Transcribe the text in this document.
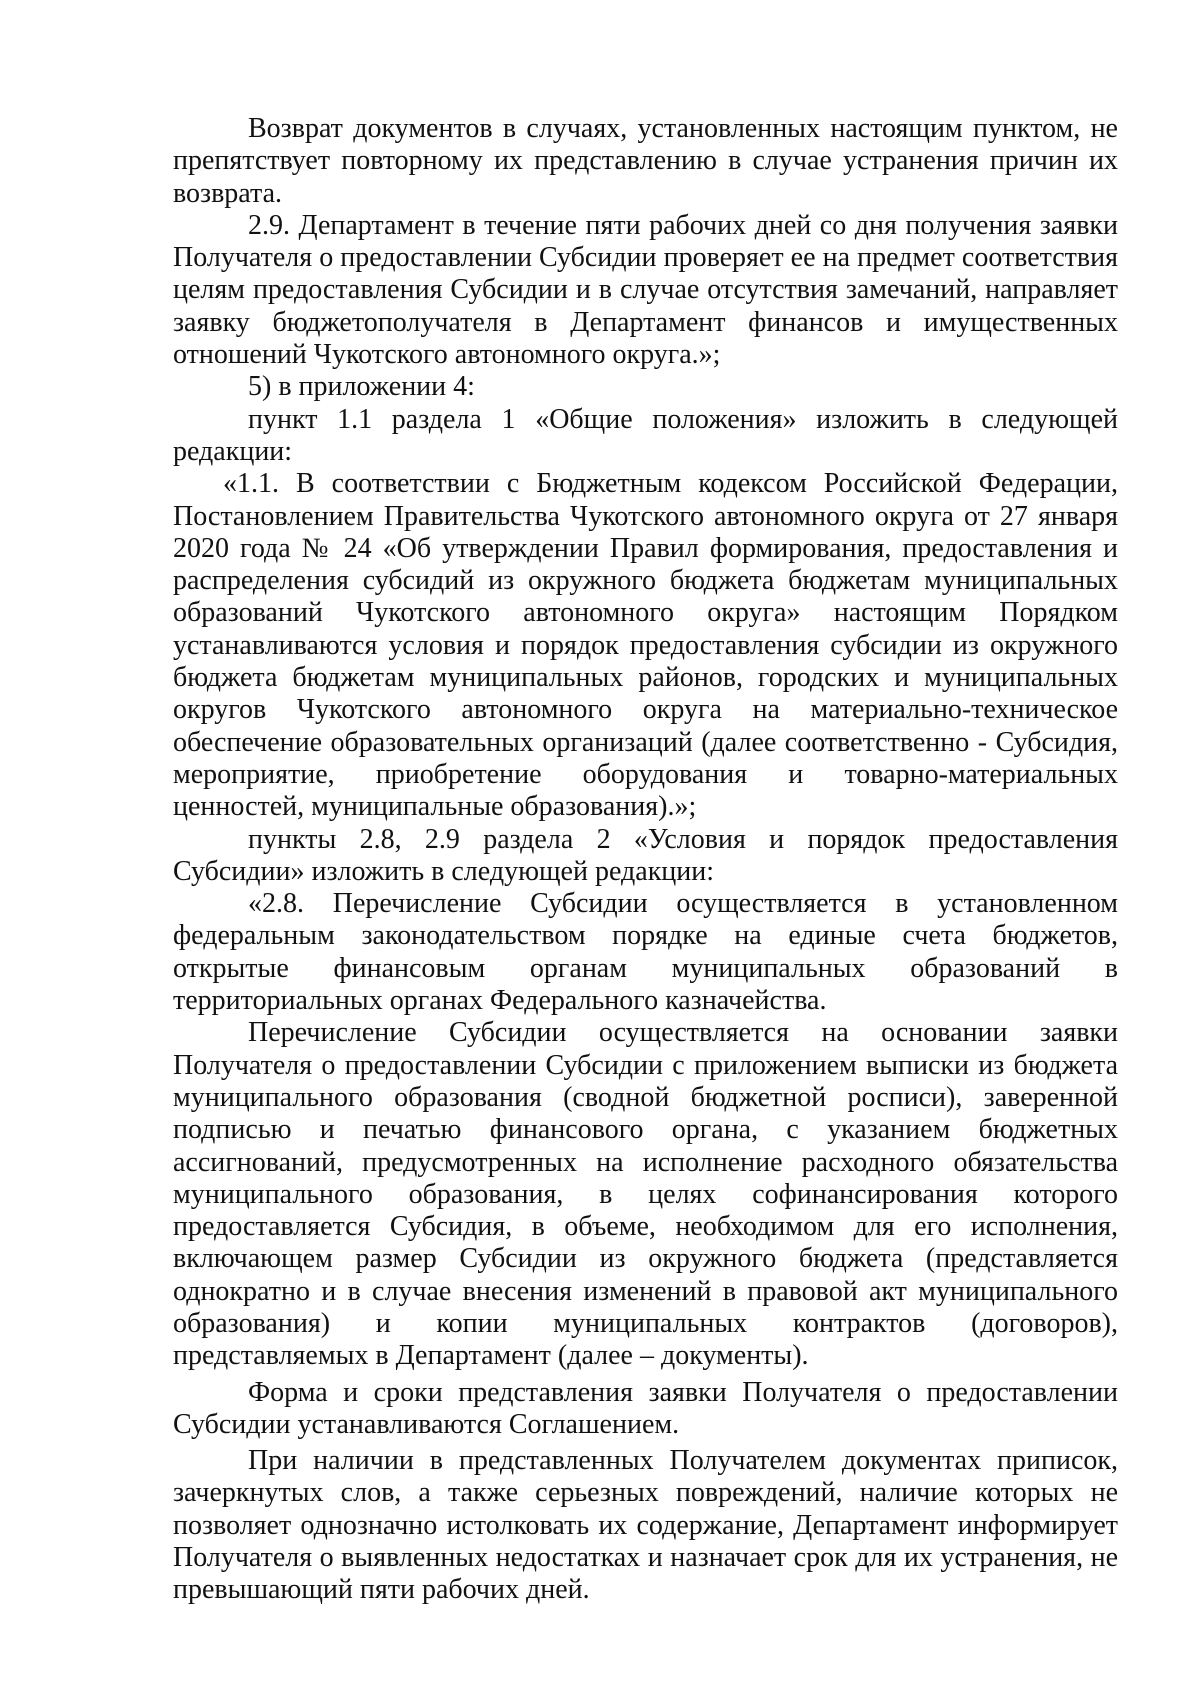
Возврат документов в случаях, установленных настоящим пунктом, не препятствует повторному их представлению в случае устранения причин их возврата.

2.9. Департамент в течение пяти рабочих дней со дня получения заявки Получателя о предоставлении Субсидии проверяет ее на предмет соответствия целям предоставления Субсидии и в случае отсутствия замечаний, направляет заявку бюджетополучателя в Департамент финансов и имущественных отношений Чукотского автономного округа.»;

5) в приложении 4:

пункт 1.1 раздела 1 «Общие положения» изложить в следующей редакции:

«1.1. В соответствии с Бюджетным кодексом Российской Федерации, Постановлением Правительства Чукотского автономного округа от 27 января 2020 года № 24 «Об утверждении Правил формирования, предоставления и распределения субсидий из окружного бюджета бюджетам муниципальных образований Чукотского автономного округа» настоящим Порядком устанавливаются условия и порядок предоставления субсидии из окружного бюджета бюджетам муниципальных районов, городских и муниципальных округов Чукотского автономного округа на материально-техническое обеспечение образовательных организаций (далее соответственно - Субсидия, мероприятие, приобретение оборудования и товарно-материальных ценностей, муниципальные образования).»;

пункты 2.8, 2.9 раздела 2 «Условия и порядок предоставления Субсидии» изложить в следующей редакции:

«2.8. Перечисление Субсидии осуществляется в установленном федеральным законодательством порядке на единые счета бюджетов, открытые финансовым органам муниципальных образований в территориальных органах Федерального казначейства.

Перечисление Субсидии осуществляется на основании заявки Получателя о предоставлении Субсидии с приложением выписки из бюджета муниципального образования (сводной бюджетной росписи), заверенной подписью и печатью финансового органа, с указанием бюджетных ассигнований, предусмотренных на исполнение расходного обязательства муниципального образования, в целях софинансирования которого предоставляется Субсидия, в объеме, необходимом для его исполнения, включающем размер Субсидии из окружного бюджета (представляется однократно и в случае внесения изменений в правовой акт муниципального образования) и копии муниципальных контрактов (договоров), представляемых в Департамент (далее – документы).

Форма и сроки представления заявки Получателя о предоставлении Субсидии устанавливаются Соглашением.

При наличии в представленных Получателем документах приписок, зачеркнутых слов, а также серьезных повреждений, наличие которых не позволяет однозначно истолковать их содержание, Департамент информирует Получателя о выявленных недостатках и назначает срок для их устранения, не превышающий пяти рабочих дней.
